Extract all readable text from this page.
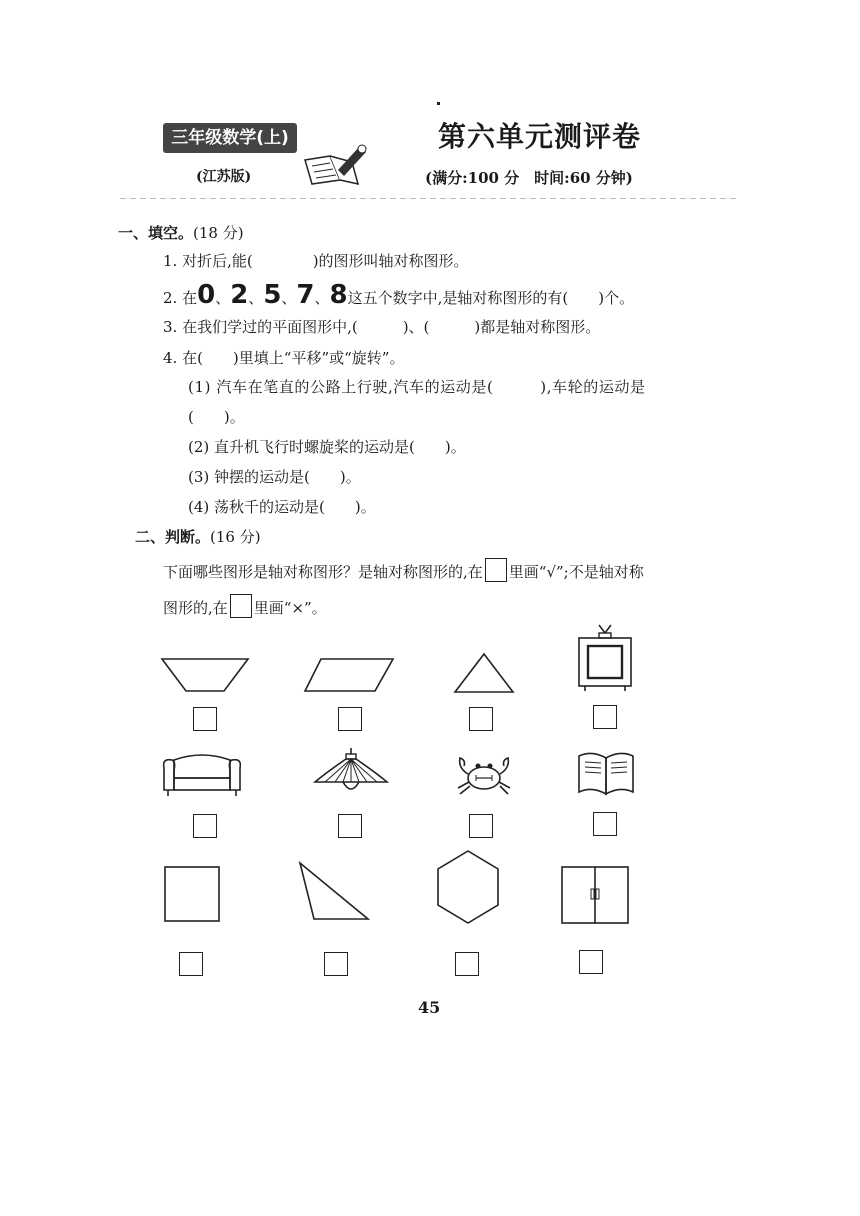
三年级数学(上)
(江苏版)
第六单元测评卷
(满分:100 分　时间:60 分钟)
一、填空。(18 分)
1. 对折后,能(　　　　)的图形叫轴对称图形。
2. 在0、2、5、7、8这五个数字中,是轴对称图形的有(　　)个。
3. 在我们学过的平面图形中,(　　　)、(　　　)都是轴对称图形。
4. 在(　　)里填上“平移”或“旋转”。
(1) 汽车在笔直的公路上行驶,汽车的运动是(　　　),车轮的运动是
(　　)。
(2) 直升机飞行时螺旋桨的运动是(　　)。
(3) 钟摆的运动是(　　)。
(4) 荡秋千的运动是(　　)。
二、判断。(16 分)
下面哪些图形是轴对称图形？是轴对称图形的,在 里画“√”;不是轴对称
图形的,在 里画“×”。
45
